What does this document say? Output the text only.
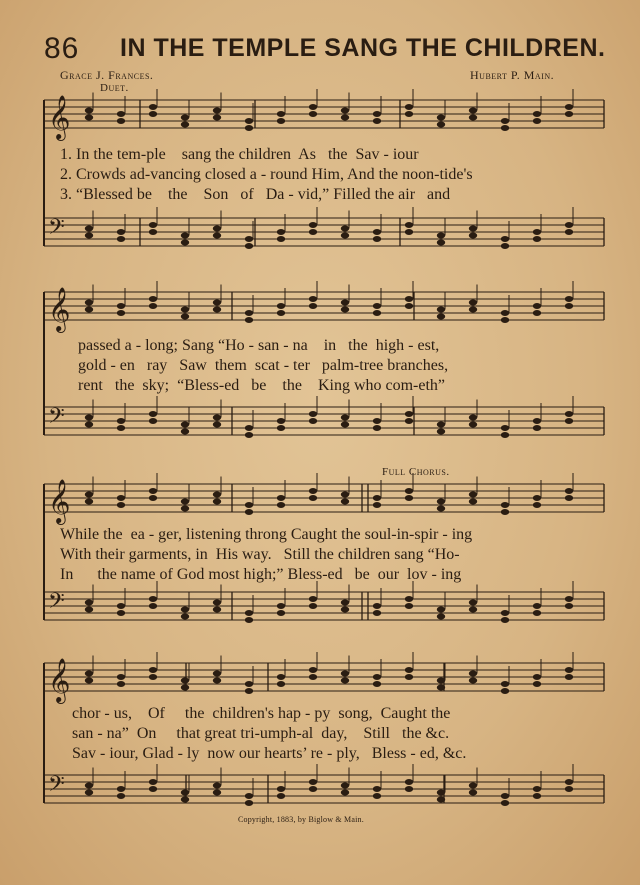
86 IN THE TEMPLE SANG THE CHILDREN.
Grace J. Frances.	Hubert P. Main.
Duet.
Full Chorus.
𝄞
𝄢
𝄞
𝄢
𝄞
𝄢
𝄞
𝄢
1. In the tem-ple    sang the children  As   the  Sav - iour
2. Crowds ad-vancing closed a - round Him, And the noon-tide's
3. “Blessed be    the    Son   of   Da - vid,” Filled the air   and
passed a - long; Sang “Ho - san - na    in   the  high - est,
gold - en   ray   Saw  them  scat - ter   palm-tree branches,
rent   the  sky;  “Bless-ed   be    the    King who com-eth”
While the  ea - ger, listening throng Caught the soul-in-spir - ing
With their garments, in  His way.   Still the children sang “Ho-
In      the name of God most high;” Bless-ed   be  our  lov - ing
chor - us,    Of     the  children's hap - py  song,  Caught the
san - na”  On     that great tri-umph-al  day,    Still   the &c.
Sav - iour, Glad - ly  now our hearts’ re - ply,   Bless - ed, &c.
Copyright, 1883, by Biglow & Main.
